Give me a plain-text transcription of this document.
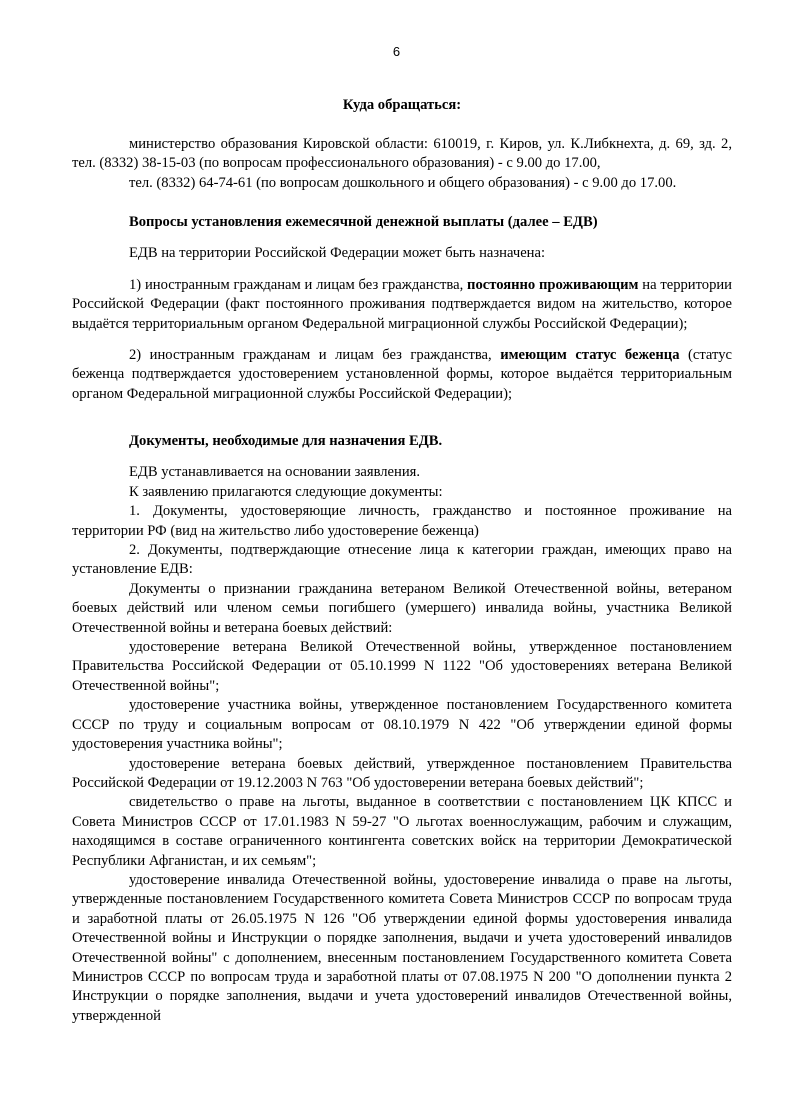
6
Куда обращаться:

министерство образования Кировской области: 610019, г. Киров, ул. К.Либкнехта, д. 69, зд. 2, тел. (8332) 38-15-03 (по вопросам профессионального образования) - с 9.00 до 17.00,

тел. (8332) 64-74-61 (по вопросам дошкольного и общего образования) - с 9.00 до 17.00.

Вопросы установления ежемесячной денежной выплаты (далее – ЕДВ)

ЕДВ на территории Российской Федерации может быть назначена:

1) иностранным гражданам и лицам без гражданства, постоянно проживающим на территории Российской Федерации (факт постоянного проживания подтверждается видом на жительство, которое выдаётся территориальным органом Федеральной миграционной службы Российской Федерации);

2) иностранным гражданам и лицам без гражданства, имеющим статус беженца (статус беженца подтверждается удостоверением установленной формы, которое выдаётся территориальным органом Федеральной миграционной службы Российской Федерации);

Документы, необходимые для назначения ЕДВ.

ЕДВ устанавливается на основании заявления.

К заявлению прилагаются следующие документы:

1. Документы, удостоверяющие личность, гражданство и постоянное проживание на территории РФ (вид на жительство либо удостоверение беженца)

2. Документы, подтверждающие отнесение лица к категории граждан, имеющих право на установление ЕДВ:

Документы о признании гражданина ветераном Великой Отечественной войны, ветераном боевых действий или членом семьи погибшего (умершего) инвалида войны, участника Великой Отечественной войны и ветерана боевых действий:

удостоверение ветерана Великой Отечественной войны, утвержденное постановлением Правительства Российской Федерации от 05.10.1999 N 1122 "Об удостоверениях ветерана Великой Отечественной войны";

удостоверение участника войны, утвержденное постановлением Государственного комитета СССР по труду и социальным вопросам от 08.10.1979 N 422 "Об утверждении единой формы удостоверения участника войны";

удостоверение ветерана боевых действий, утвержденное постановлением Правительства Российской Федерации от 19.12.2003 N 763 "Об удостоверении ветерана боевых действий";

свидетельство о праве на льготы, выданное в соответствии с постановлением ЦК КПСС и Совета Министров СССР от 17.01.1983 N 59-27 "О льготах военнослужащим, рабочим и служащим, находящимся в составе ограниченного контингента советских войск на территории Демократической Республики Афганистан, и их семьям";

удостоверение инвалида Отечественной войны, удостоверение инвалида о праве на льготы, утвержденные постановлением Государственного комитета Совета Министров СССР по вопросам труда и заработной платы от 26.05.1975 N 126 "Об утверждении единой формы удостоверения инвалида Отечественной войны и Инструкции о порядке заполнения, выдачи и учета удостоверений инвалидов Отечественной войны" с дополнением, внесенным постановлением Государственного комитета Совета Министров СССР по вопросам труда и заработной платы от 07.08.1975 N 200 "О дополнении пункта 2 Инструкции о порядке заполнения, выдачи и учета удостоверений инвалидов Отечественной войны, утвержденной
